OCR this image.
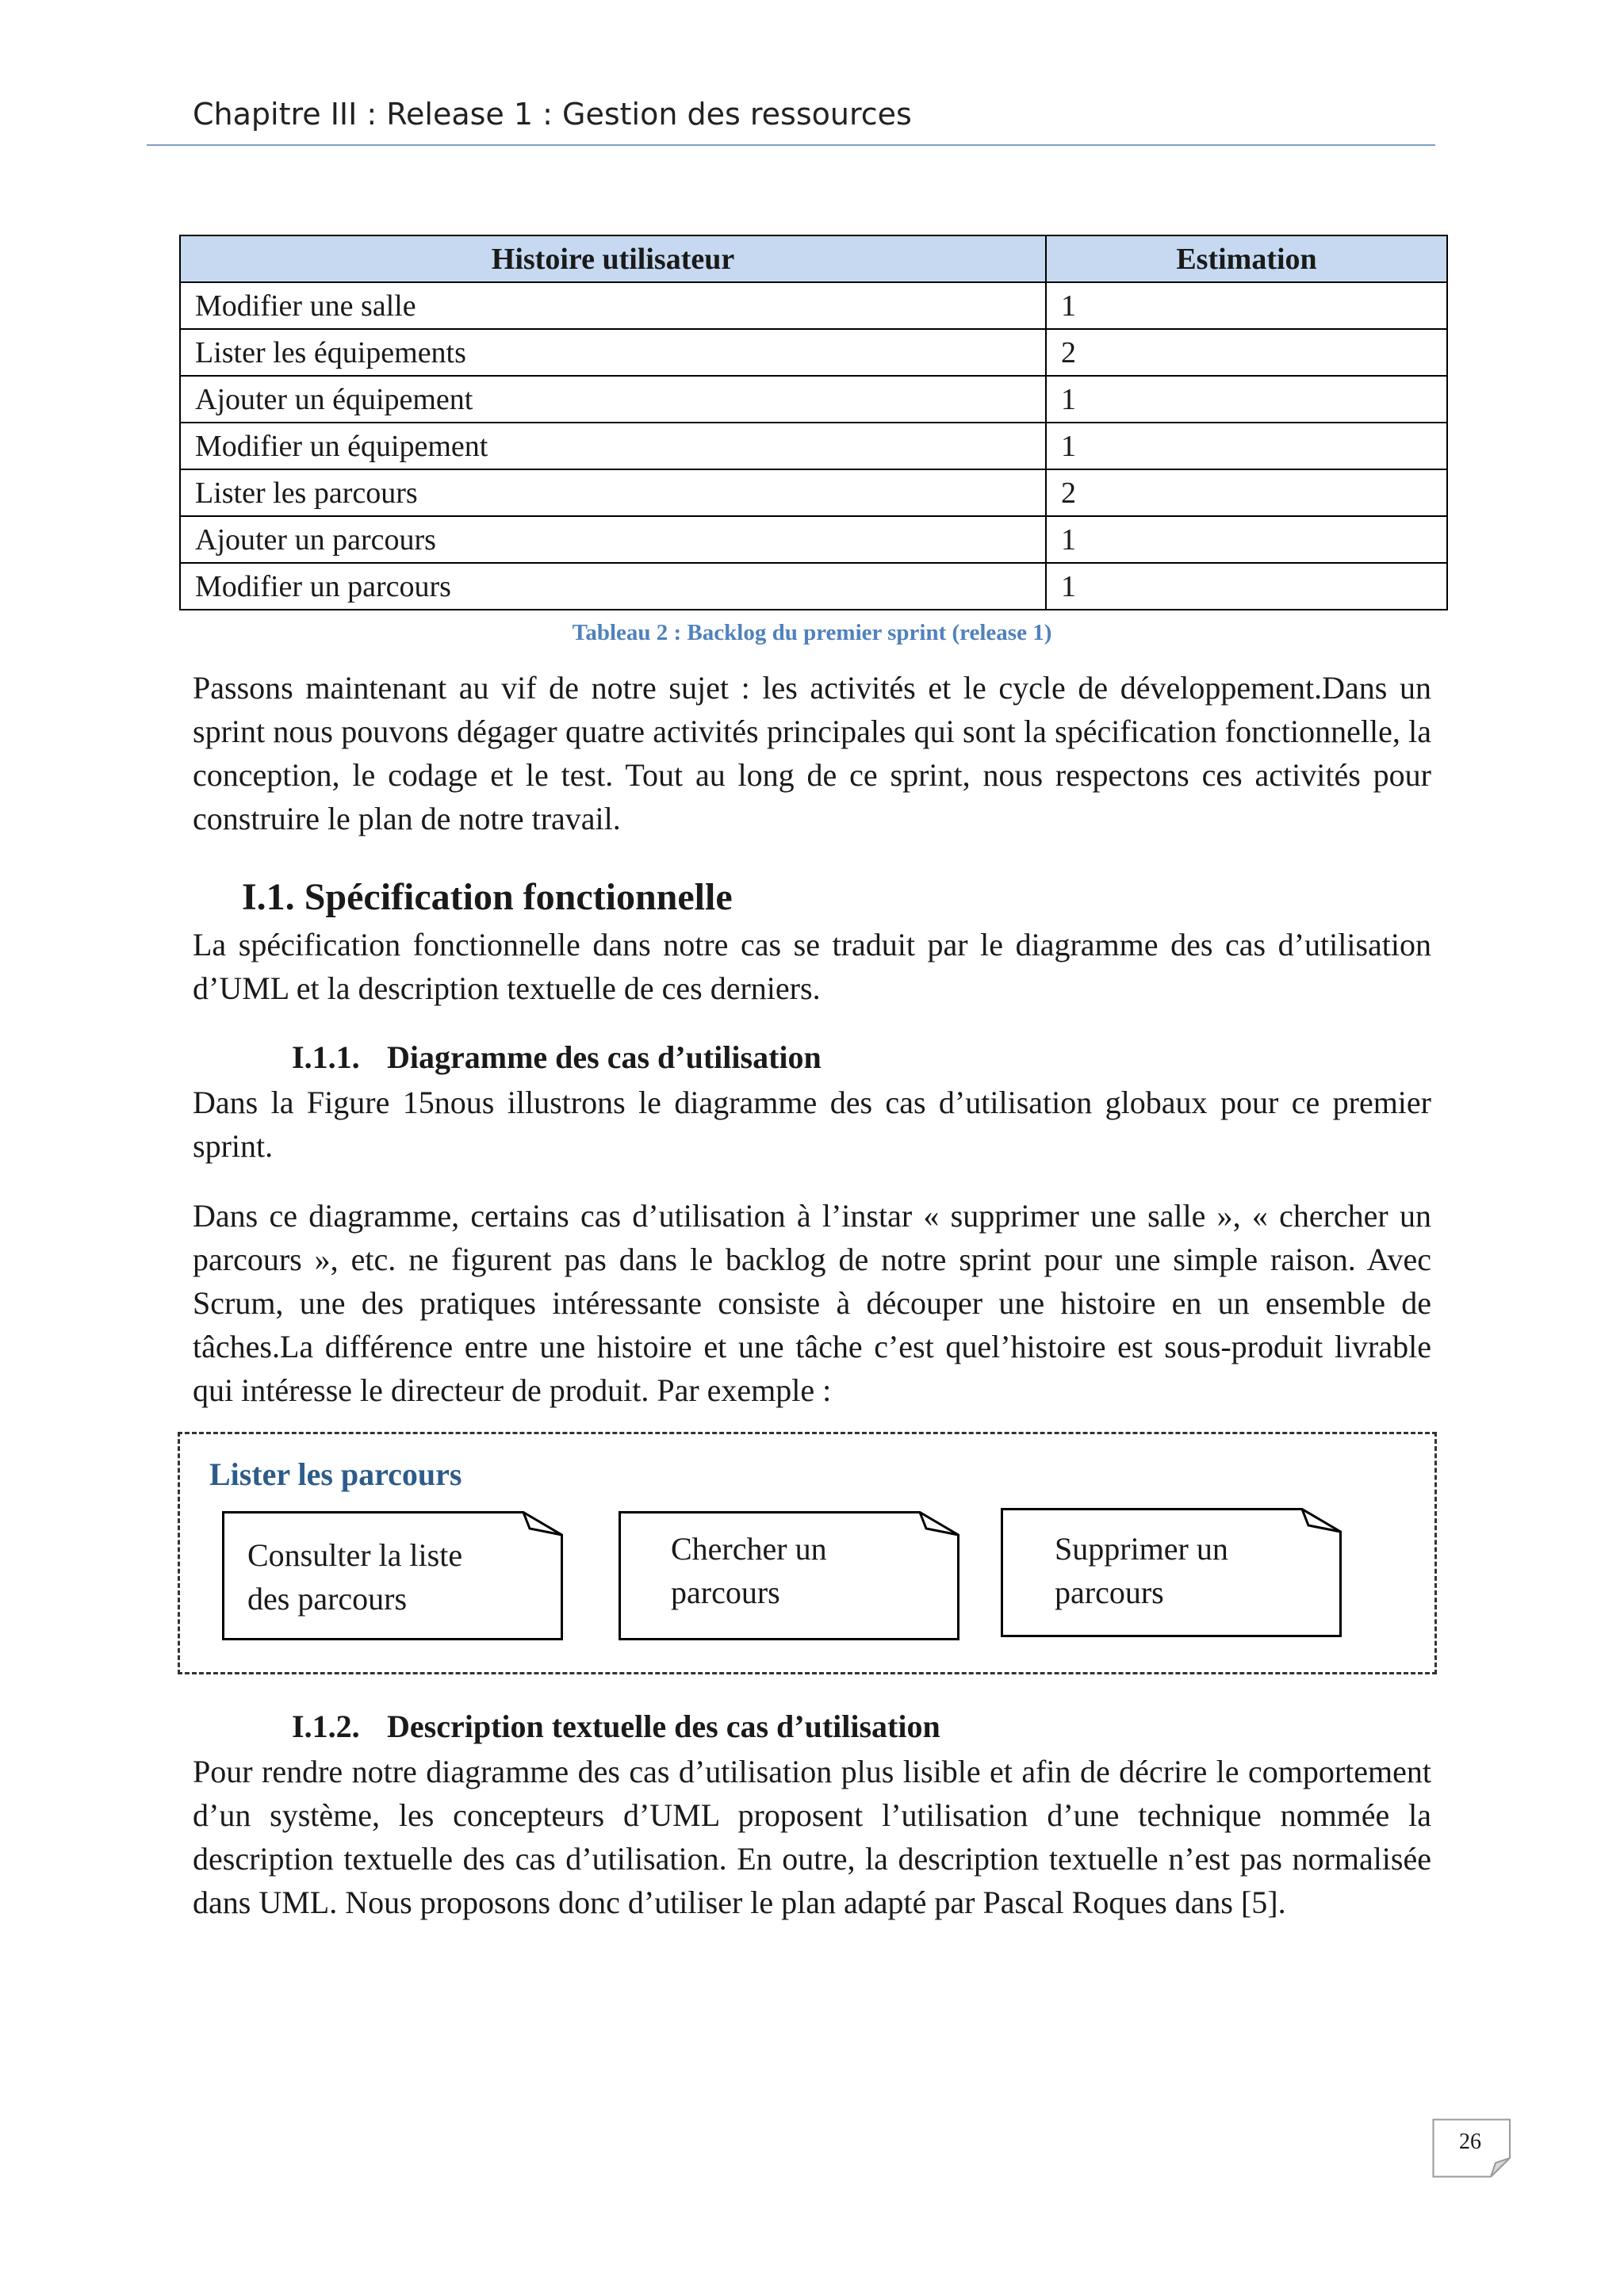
Chapitre III : Release 1 : Gestion des ressources
Histoire utilisateur	Estimation
Modifier une salle	1
Lister les équipements	2
Ajouter un équipement	1
Modifier un équipement	1
Lister les parcours	2
Ajouter un parcours	1
Modifier un parcours	1
Tableau 2 : Backlog du premier sprint (release 1)
Passons maintenant au vif de notre sujet : les activités et le cycle de développement.Dans un sprint nous pouvons dégager quatre activités principales qui sont la spécification fonctionnelle, la conception, le codage et le test. Tout au long de ce sprint, nous respectons ces activités pour construire le plan de notre travail.
I.1. Spécification fonctionnelle
La spécification fonctionnelle dans notre cas se traduit par le diagramme des cas d’utilisation d’UML et la description textuelle de ces derniers.
I.1.1. Diagramme des cas d’utilisation
Dans la Figure 15nous illustrons le diagramme des cas d’utilisation globaux pour ce premier sprint.
Dans ce diagramme, certains cas d’utilisation à l’instar « supprimer une salle », « chercher un parcours », etc. ne figurent pas dans le backlog de notre sprint pour une simple raison. Avec Scrum, une des pratiques intéressante consiste à découper une histoire en un ensemble de tâches.La différence entre une histoire et une tâche c’est quel’histoire est sous-produit livrable qui intéresse le directeur de produit. Par exemple :
Lister les parcours
Consulter la liste
des parcours
Chercher un
parcours
Supprimer un
parcours
I.1.2. Description textuelle des cas d’utilisation
Pour rendre notre diagramme des cas d’utilisation plus lisible et afin de décrire le comportement d’un système, les concepteurs d’UML proposent l’utilisation d’une technique nommée la description textuelle des cas d’utilisation. En outre, la description textuelle n’est pas normalisée dans UML. Nous proposons donc d’utiliser le plan adapté par Pascal Roques dans [5].
26
